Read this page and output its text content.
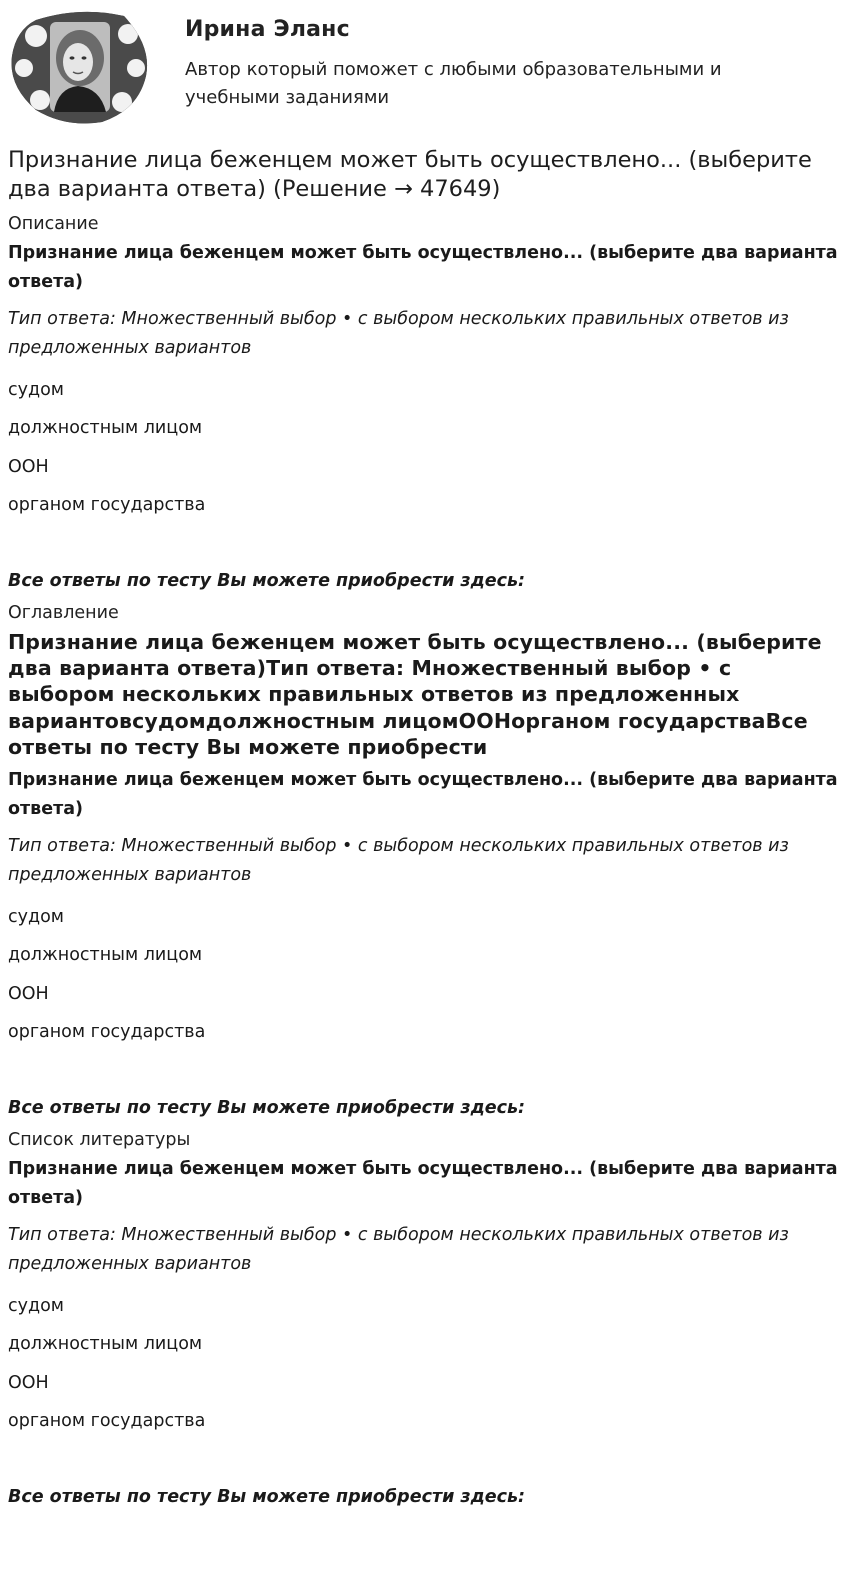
Ирина Эланс
Автор который поможет с любыми образовательными и учебными заданиями
Признание лица беженцем может быть осуществлено... (выберите два варианта ответа) (Решение → 47649)
Описание
Признание лица беженцем может быть осуществлено... (выберите два варианта ответа)
Тип ответа: Множественный выбор • с выбором нескольких правильных ответов из предложенных вариантов
судом
должностным лицом
ООН
органом государства
Все ответы по тесту Вы можете приобрести здесь:
Оглавление
Признание лица беженцем может быть осуществлено... (выберите два варианта ответа)Тип ответа: Множественный выбор • с выбором нескольких правильных ответов из предложенных вариантовсудомдолжностным лицомООНорганом государстваВсе ответы по тесту Вы можете приобрести
Признание лица беженцем может быть осуществлено... (выберите два варианта ответа)
Тип ответа: Множественный выбор • с выбором нескольких правильных ответов из предложенных вариантов
судом
должностным лицом
ООН
органом государства
Все ответы по тесту Вы можете приобрести здесь:
Список литературы
Признание лица беженцем может быть осуществлено... (выберите два варианта ответа)
Тип ответа: Множественный выбор • с выбором нескольких правильных ответов из предложенных вариантов
судом
должностным лицом
ООН
органом государства
Все ответы по тесту Вы можете приобрести здесь:
